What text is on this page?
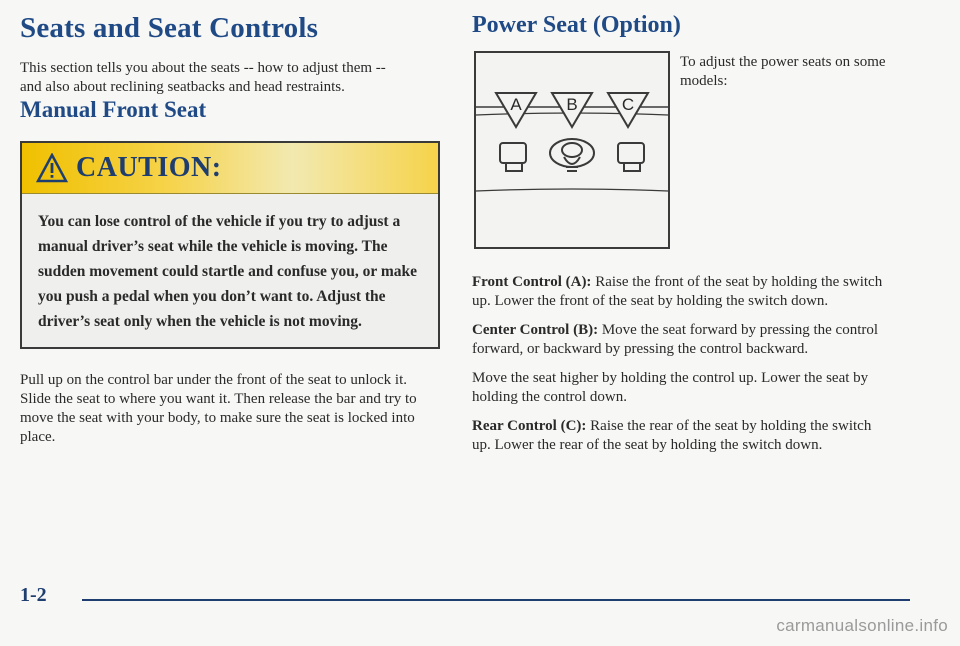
Seats and Seat Controls

This section tells you about the seats -- how to adjust them -- and also about reclining seatbacks and head restraints.

Manual Front Seat
CAUTION:
You can lose control of the vehicle if you try to adjust a manual driver’s seat while the vehicle is moving. The sudden movement could startle and confuse you, or make you push a pedal when you don’t want to. Adjust the driver’s seat only when the vehicle is not moving.

Pull up on the control bar under the front of the seat to unlock it. Slide the seat to where you want it. Then release the bar and try to move the seat with your body, to make sure the seat is locked into place.

Power Seat (Option)
A	B	C

To adjust the power seats on some models:

Front Control (A): Raise the front of the seat by holding the switch up. Lower the front of the seat by holding the switch down.

Center Control (B): Move the seat forward by pressing the control forward, or backward by pressing the control backward.

Move the seat higher by holding the control up. Lower the seat by holding the control down.

Rear Control (C): Raise the rear of the seat by holding the switch up. Lower the rear of the seat by holding the switch down.

1-2
carmanualsonline.info
